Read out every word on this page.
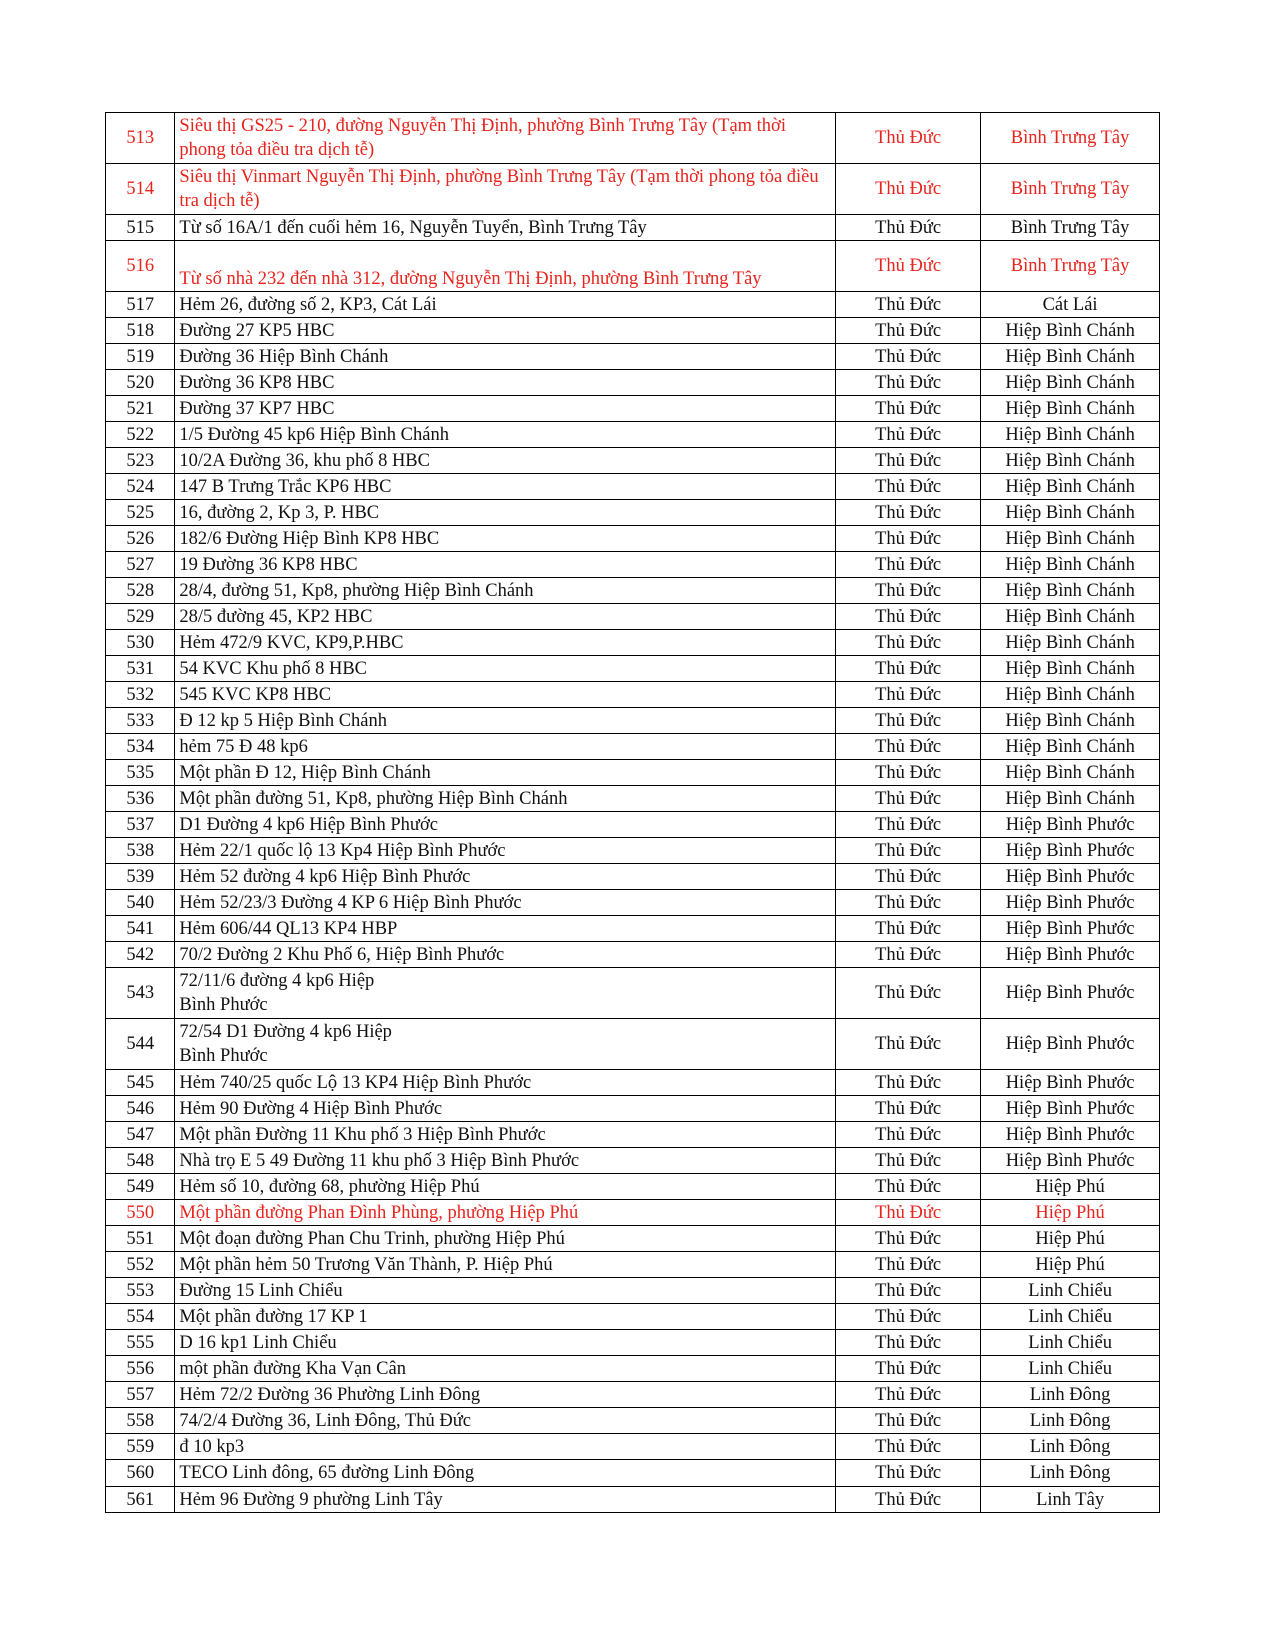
513	Siêu thị GS25 - 210, đường Nguyễn Thị Định, phường Bình Trưng Tây (Tạm thời phong tỏa điều tra dịch tễ)	Thủ Đức	Bình Trưng Tây
514	Siêu thị Vinmart Nguyễn Thị Định, phường Bình Trưng Tây (Tạm thời phong tỏa điều tra dịch tễ)	Thủ Đức	Bình Trưng Tây
515	Từ số 16A/1 đến cuối hẻm 16, Nguyễn Tuyển, Bình Trưng Tây	Thủ Đức	Bình Trưng Tây
516	Từ số nhà 232 đến nhà 312, đường Nguyễn Thị Định, phường Bình Trưng Tây	Thủ Đức	Bình Trưng Tây
517	Hẻm 26, đường số 2, KP3, Cát Lái	Thủ Đức	Cát Lái
518	Đường 27 KP5 HBC	Thủ Đức	Hiệp Bình Chánh
519	Đường 36 Hiệp Bình Chánh	Thủ Đức	Hiệp Bình Chánh
520	Đường 36 KP8 HBC	Thủ Đức	Hiệp Bình Chánh
521	Đường 37 KP7 HBC	Thủ Đức	Hiệp Bình Chánh
522	1/5 Đường 45 kp6 Hiệp Bình Chánh	Thủ Đức	Hiệp Bình Chánh
523	10/2A Đường 36, khu phố 8 HBC	Thủ Đức	Hiệp Bình Chánh
524	147 B Trưng Trắc KP6 HBC	Thủ Đức	Hiệp Bình Chánh
525	16, đường 2, Kp 3, P. HBC	Thủ Đức	Hiệp Bình Chánh
526	182/6 Đường Hiệp Bình KP8 HBC	Thủ Đức	Hiệp Bình Chánh
527	19 Đường 36 KP8 HBC	Thủ Đức	Hiệp Bình Chánh
528	28/4, đường 51, Kp8, phường Hiệp Bình Chánh	Thủ Đức	Hiệp Bình Chánh
529	28/5 đường 45, KP2 HBC	Thủ Đức	Hiệp Bình Chánh
530	Hẻm 472/9 KVC, KP9,P.HBC	Thủ Đức	Hiệp Bình Chánh
531	54 KVC Khu phố 8 HBC	Thủ Đức	Hiệp Bình Chánh
532	545 KVC KP8 HBC	Thủ Đức	Hiệp Bình Chánh
533	Đ 12 kp 5 Hiệp Bình Chánh	Thủ Đức	Hiệp Bình Chánh
534	hẻm 75 Đ 48 kp6	Thủ Đức	Hiệp Bình Chánh
535	Một phần Đ 12, Hiệp Bình Chánh	Thủ Đức	Hiệp Bình Chánh
536	Một phần đường 51, Kp8, phường Hiệp Bình Chánh	Thủ Đức	Hiệp Bình Chánh
537	D1 Đường 4 kp6 Hiệp Bình Phước	Thủ Đức	Hiệp Bình Phước
538	Hẻm 22/1 quốc lộ 13 Kp4 Hiệp Bình Phước	Thủ Đức	Hiệp Bình Phước
539	Hẻm 52 đường 4 kp6 Hiệp Bình Phước	Thủ Đức	Hiệp Bình Phước
540	Hẻm 52/23/3 Đường 4 KP 6 Hiệp Bình Phước	Thủ Đức	Hiệp Bình Phước
541	Hẻm 606/44 QL13 KP4 HBP	Thủ Đức	Hiệp Bình Phước
542	70/2 Đường 2 Khu Phố 6, Hiệp Bình Phước	Thủ Đức	Hiệp Bình Phước
543	72/11/6 đường 4 kp6 Hiệp
Bình Phước	Thủ Đức	Hiệp Bình Phước
544	72/54 D1 Đường 4 kp6 Hiệp
Bình Phước	Thủ Đức	Hiệp Bình Phước
545	Hẻm 740/25 quốc Lộ 13 KP4 Hiệp Bình Phước	Thủ Đức	Hiệp Bình Phước
546	Hẻm 90 Đường 4 Hiệp Bình Phước	Thủ Đức	Hiệp Bình Phước
547	Một phần Đường 11 Khu phố 3 Hiệp Bình Phước	Thủ Đức	Hiệp Bình Phước
548	Nhà trọ E 5 49 Đường 11 khu phố 3 Hiệp Bình Phước	Thủ Đức	Hiệp Bình Phước
549	Hẻm số 10, đường 68, phường Hiệp Phú	Thủ Đức	Hiệp Phú
550	Một phần đường Phan Đình Phùng, phường Hiệp Phú	Thủ Đức	Hiệp Phú
551	Một đoạn đường Phan Chu Trinh, phường Hiệp Phú	Thủ Đức	Hiệp Phú
552	Một phần hẻm 50 Trương Văn Thành, P. Hiệp Phú	Thủ Đức	Hiệp Phú
553	Đường 15 Linh Chiểu	Thủ Đức	Linh Chiểu
554	Một phần đường 17 KP 1	Thủ Đức	Linh Chiểu
555	D 16 kp1 Linh Chiểu	Thủ Đức	Linh Chiểu
556	một phần đường Kha Vạn Cân	Thủ Đức	Linh Chiểu
557	Hẻm 72/2 Đường 36 Phường Linh Đông	Thủ Đức	Linh Đông
558	74/2/4 Đường 36, Linh Đông, Thủ Đức	Thủ Đức	Linh Đông
559	đ 10 kp3	Thủ Đức	Linh Đông
560	TECO Linh đông, 65 đường Linh Đông	Thủ Đức	Linh Đông
561	Hẻm 96 Đường 9 phường Linh Tây	Thủ Đức	Linh Tây
